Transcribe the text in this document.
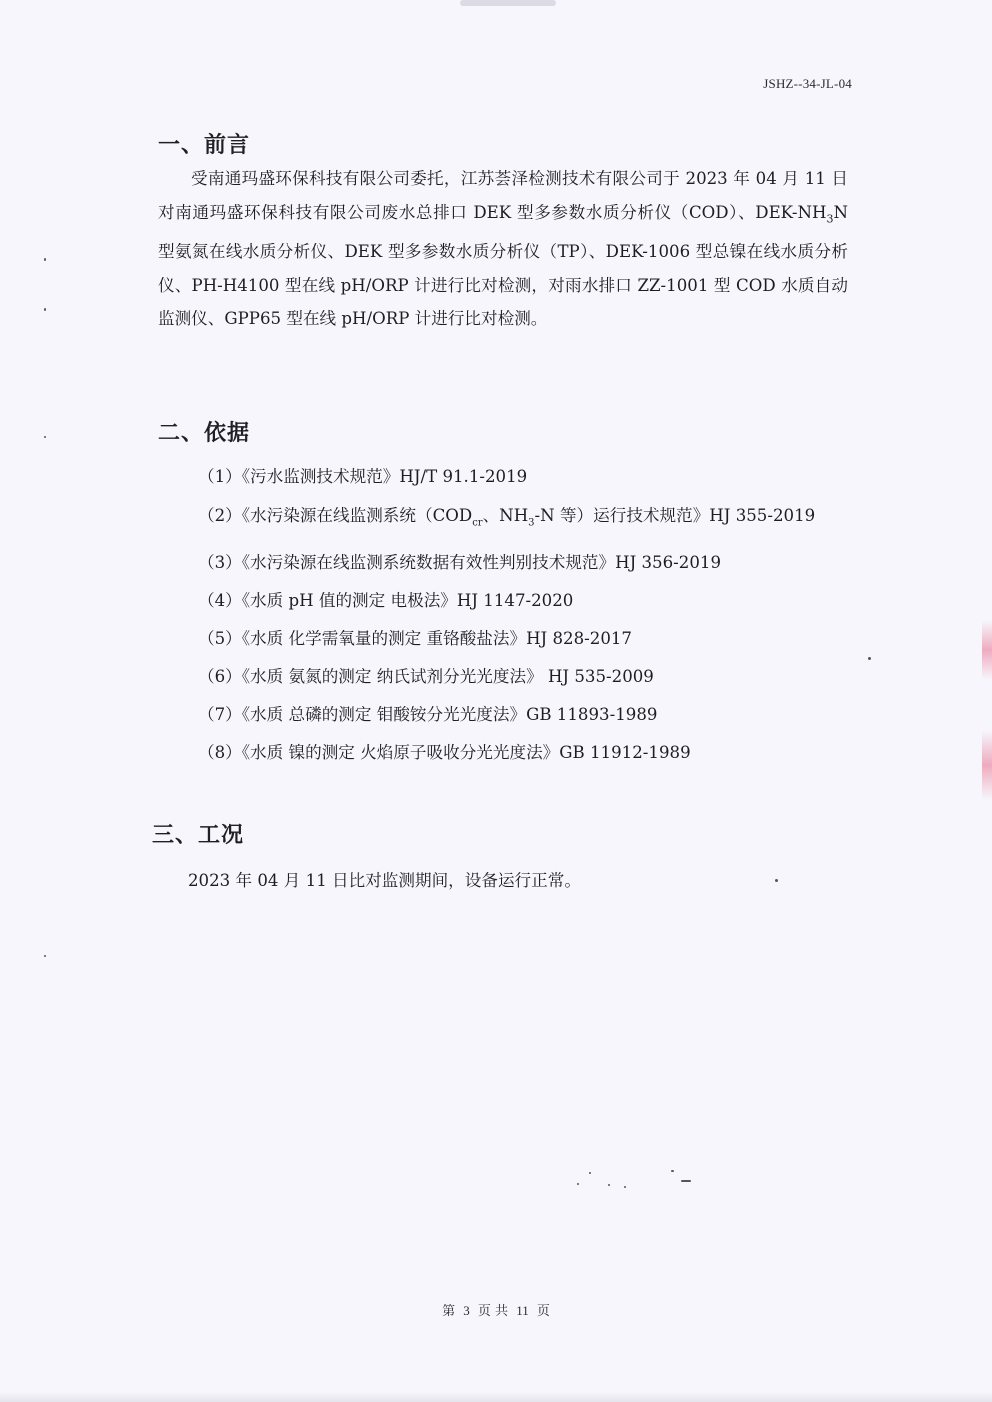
JSHZ--34-JL-04
一、前言

受南通玛盛环保科技有限公司委托，江苏荟泽检测技术有限公司于 2023 年 04 月 11 日对南通玛盛环保科技有限公司废水总排口 DEK 型多参数水质分析仪（COD）、DEK-$NH_3N$ 型氨氮在线水质分析仪、DEK 型多参数水质分析仪（TP）、DEK-1006 型总镍在线水质分析仪、PH-H4100 型在线 pH/ORP 计进行比对检测，对雨水排口 ZZ-1001 型 COD 水质自动监测仪、GPP65 型在线 pH/ORP 计进行比对检测。

二、依据
（1）《污水监测技术规范》HJ/T 91.1-2019
（2）《水污染源在线监测系统（$COD_{cr}$、$NH_3-N$ 等）运行技术规范》HJ 355-2019
（3）《水污染源在线监测系统数据有效性判别技术规范》HJ 356-2019
（4）《水质 pH 值的测定 电极法》HJ 1147-2020
（5）《水质 化学需氧量的测定 重铬酸盐法》HJ 828-2017
（6）《水质 氨氮的测定 纳氏试剂分光光度法》 HJ 535-2009
（7）《水质 总磷的测定 钼酸铵分光光度法》GB 11893-1989
（8）《水质 镍的测定 火焰原子吸收分光光度法》GB 11912-1989
三、工况
2023 年 04 月 11 日比对监测期间，设备运行正常。
第 3 页 共 11 页
